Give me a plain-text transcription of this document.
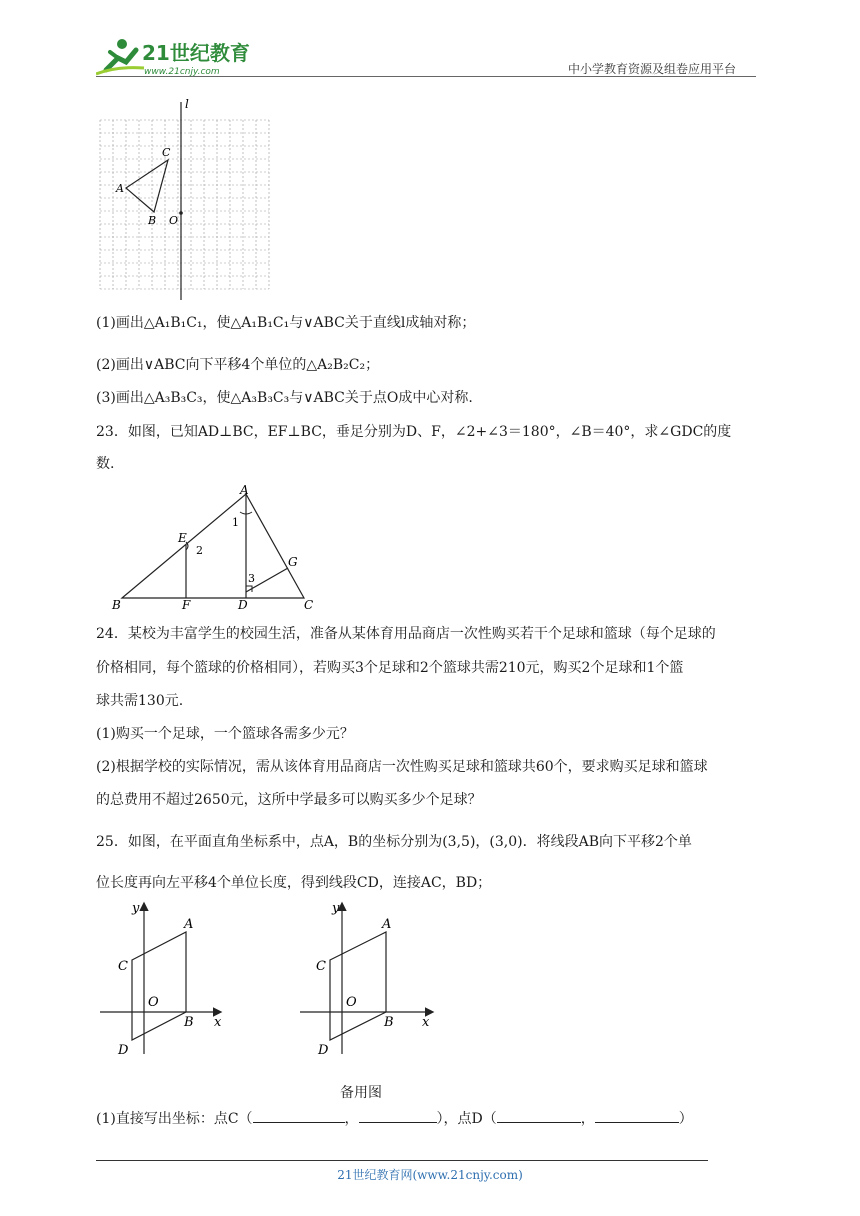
21世纪教育
www.21cnjy.com	中小学教育资源及组卷应用平台
l
A
B
C
O
(1)画出△A₁B₁C₁，使△A₁B₁C₁与∨ABC关于直线l成轴对称；
(2)画出∨ABC向下平移4个单位的△A₂B₂C₂；
(3)画出△A₃B₃C₃，使△A₃B₃C₃与∨ABC关于点O成中心对称.
23．如图，已知AD⊥BC，EF⊥BC，垂足分别为D、F，∠2+∠3＝180°，∠B＝40°，求∠GDC的度
数.
A
B	C
D
E
F
G
1
2
3
24．某校为丰富学生的校园生活，准备从某体育用品商店一次性购买若干个足球和篮球（每个足球的
价格相同，每个篮球的价格相同），若购买3个足球和2个篮球共需210元，购买2个足球和1个篮
球共需130元.
(1)购买一个足球，一个篮球各需多少元？
(2)根据学校的实际情况，需从该体育用品商店一次性购买足球和篮球共60个，要求购买足球和篮球
的总费用不超过2650元，这所中学最多可以购买多少个足球？
25．如图，在平面直角坐标系中，点A，B的坐标分别为(3,5)，(3,0)．将线段AB向下平移2个单
位长度再向左平移4个单位长度，得到线段CD，连接AC，BD；
y
x
A
B
C
D
O
y
x
A
B
C
D
O
备用图
(1)直接写出坐标：点C（	，	），点D（	，	）
21世纪教育网(www.21cnjy.com)
